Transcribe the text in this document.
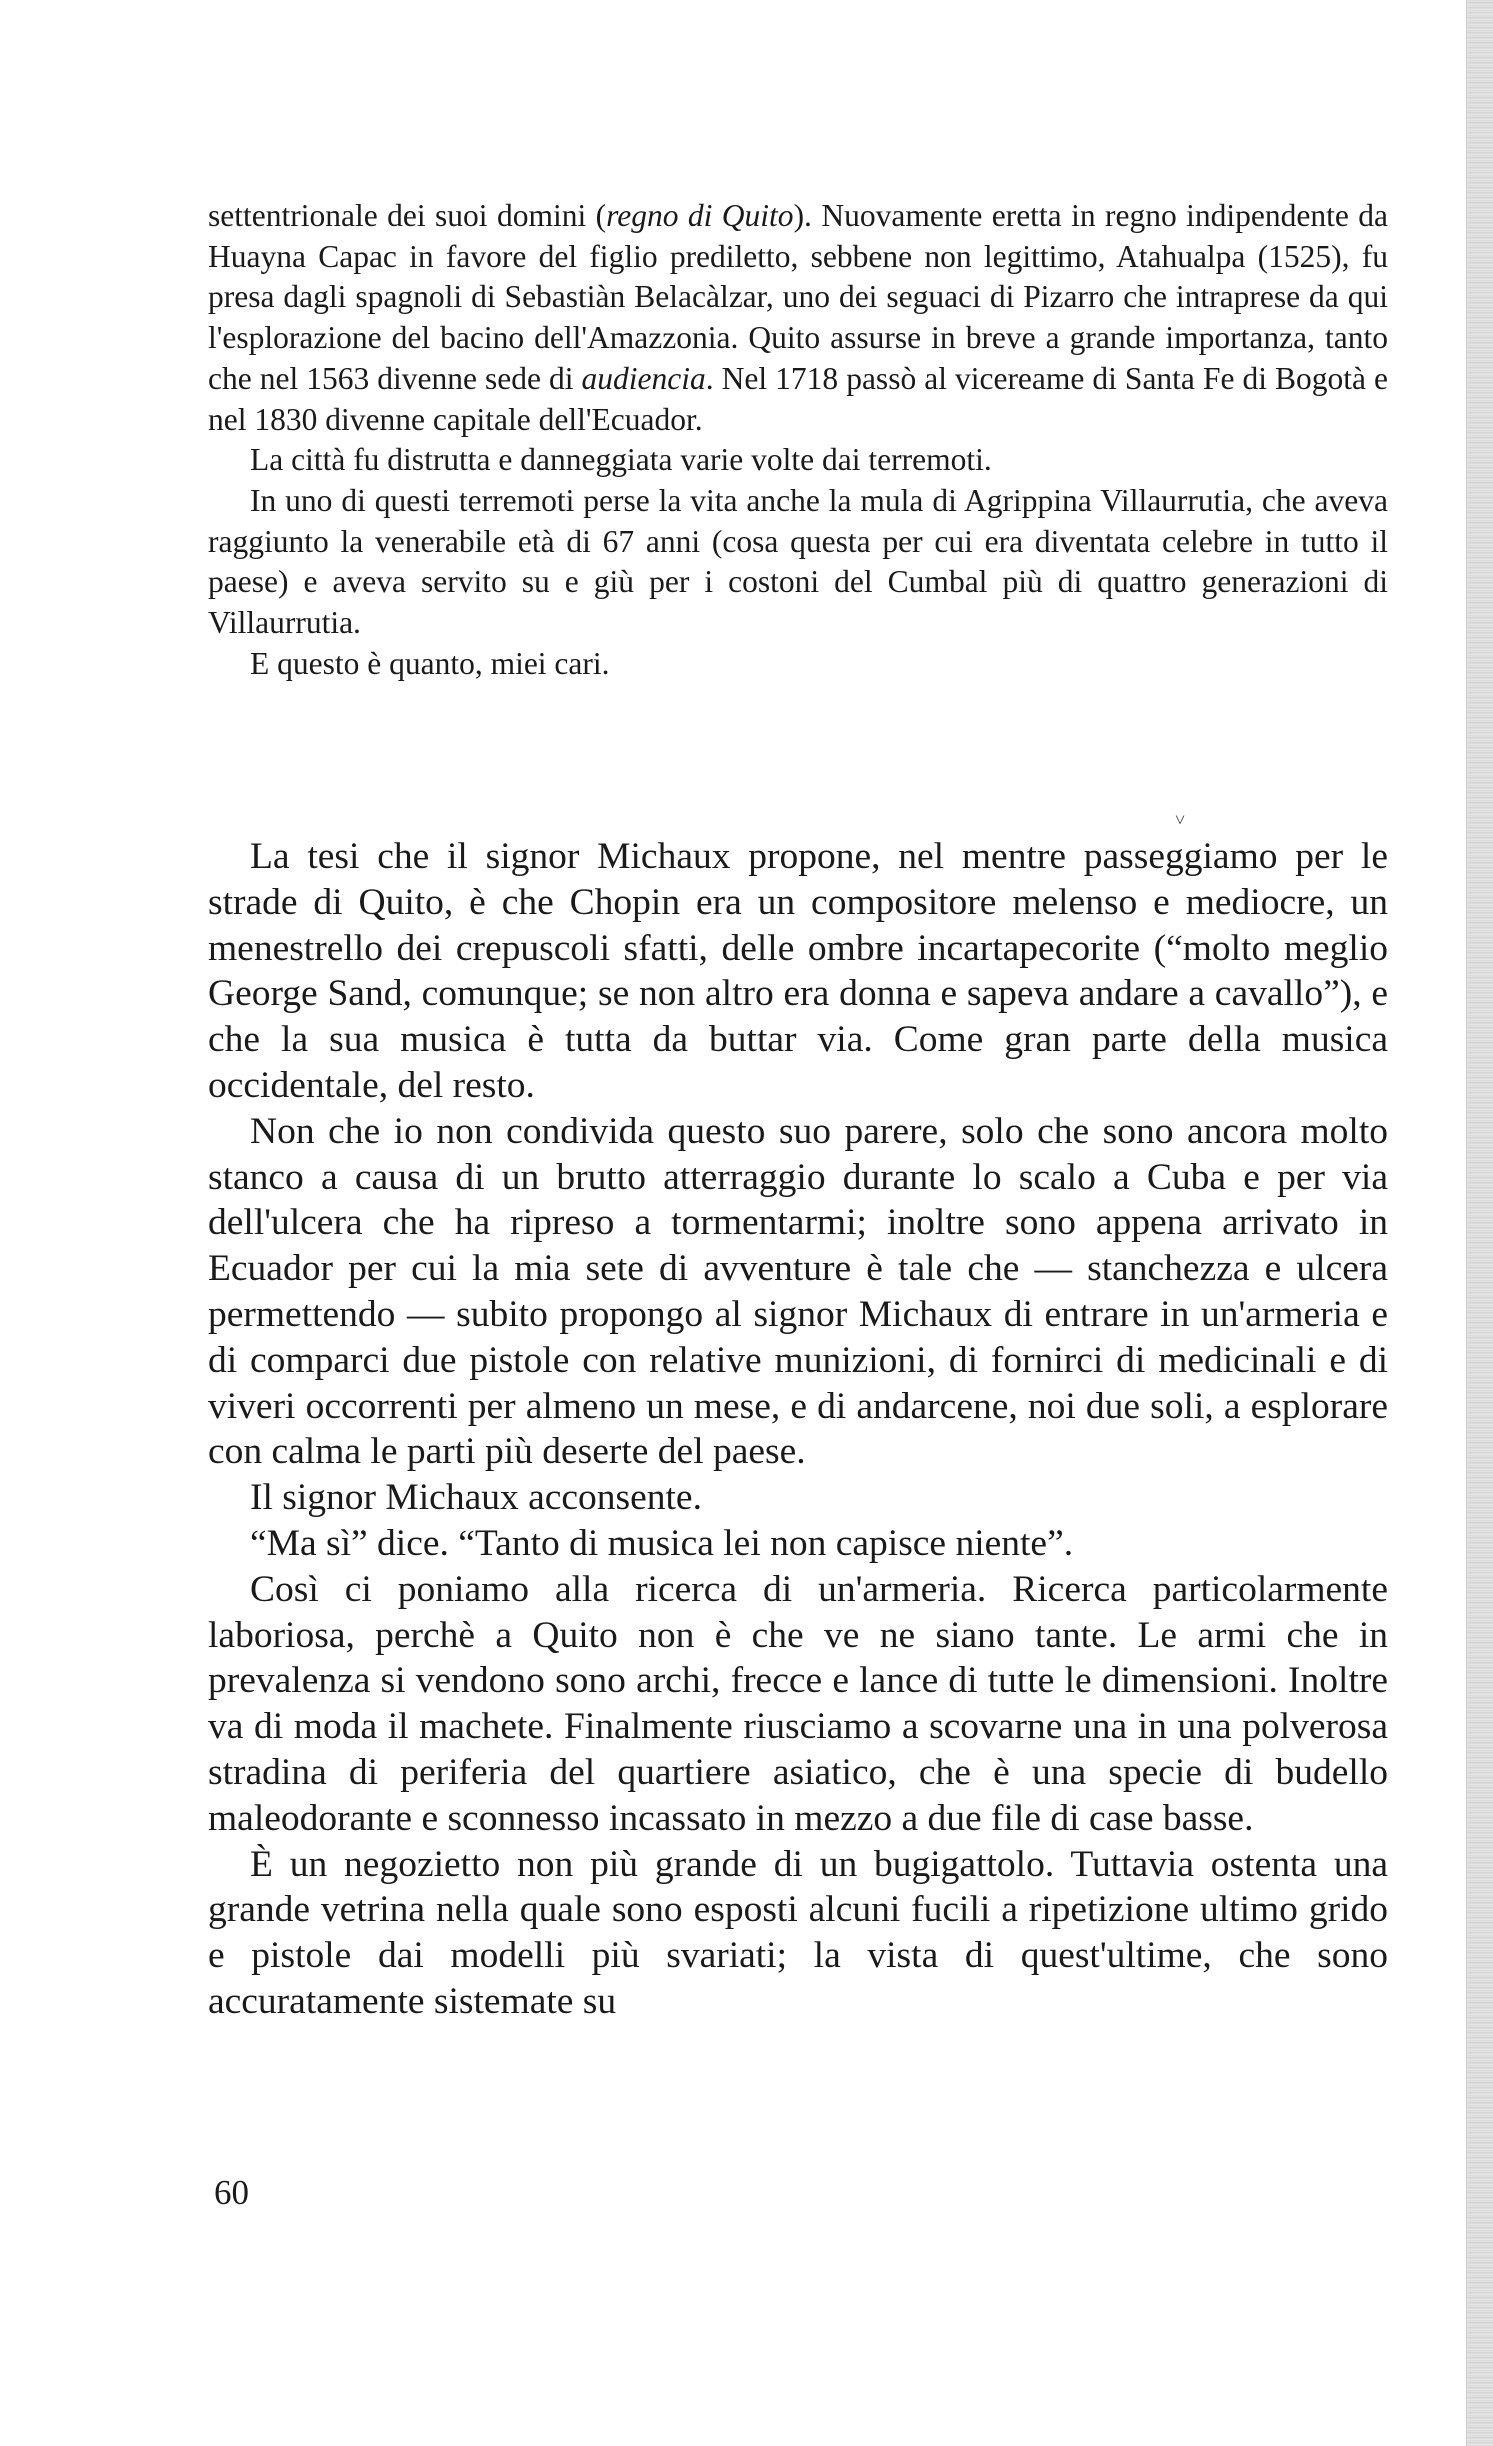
settentrionale dei suoi domini (regno di Quito). Nuovamente eretta in regno indipendente da Huayna Capac in favore del figlio prediletto, sebbene non legittimo, Atahualpa (1525), fu presa dagli spagnoli di Sebastiàn Belacàlzar, uno dei seguaci di Pizarro che intraprese da qui l'esplorazione del bacino dell'Amazzonia. Quito assurse in breve a grande importanza, tanto che nel 1563 divenne sede di audiencia. Nel 1718 passò al vicereame di Santa Fe di Bogotà e nel 1830 divenne capitale dell'Ecuador.

La città fu distrutta e danneggiata varie volte dai terremoti.

In uno di questi terremoti perse la vita anche la mula di Agrippina Villaurrutia, che aveva raggiunto la venerabile età di 67 anni (cosa questa per cui era diventata celebre in tutto il paese) e aveva servito su e giù per i costoni del Cumbal più di quattro generazioni di Villaurrutia.

E questo è quanto, miei cari.

˅

La tesi che il signor Michaux propone, nel mentre passeggiamo per le strade di Quito, è che Chopin era un compositore melenso e mediocre, un menestrello dei crepuscoli sfatti, delle ombre incartapecorite (“molto meglio George Sand, comunque; se non altro era donna e sapeva andare a cavallo”), e che la sua musica è tutta da buttar via. Come gran parte della musica occidentale, del resto.

Non che io non condivida questo suo parere, solo che sono ancora molto stanco a causa di un brutto atterraggio durante lo scalo a Cuba e per via dell'ulcera che ha ripreso a tormentarmi; inoltre sono appena arrivato in Ecuador per cui la mia sete di avventure è tale che — stanchezza e ulcera permettendo — subito propongo al signor Michaux di entrare in un'armeria e di comparci due pistole con relative munizioni, di fornirci di medicinali e di viveri occorrenti per almeno un mese, e di andarcene, noi due soli, a esplorare con calma le parti più deserte del paese.

Il signor Michaux acconsente.

“Ma sì” dice. “Tanto di musica lei non capisce niente”.

Così ci poniamo alla ricerca di un'armeria. Ricerca particolarmente laboriosa, perchè a Quito non è che ve ne siano tante. Le armi che in prevalenza si vendono sono archi, frecce e lance di tutte le dimensioni. Inoltre va di moda il machete. Finalmente riusciamo a scovarne una in una polverosa stradina di periferia del quartiere asiatico, che è una specie di budello maleodorante e sconnesso incassato in mezzo a due file di case basse.

È un negozietto non più grande di un bugigattolo. Tuttavia ostenta una grande vetrina nella quale sono esposti alcuni fucili a ripetizione ultimo grido e pistole dai modelli più svariati; la vista di quest'ultime, che sono accuratamente sistemate su

60
